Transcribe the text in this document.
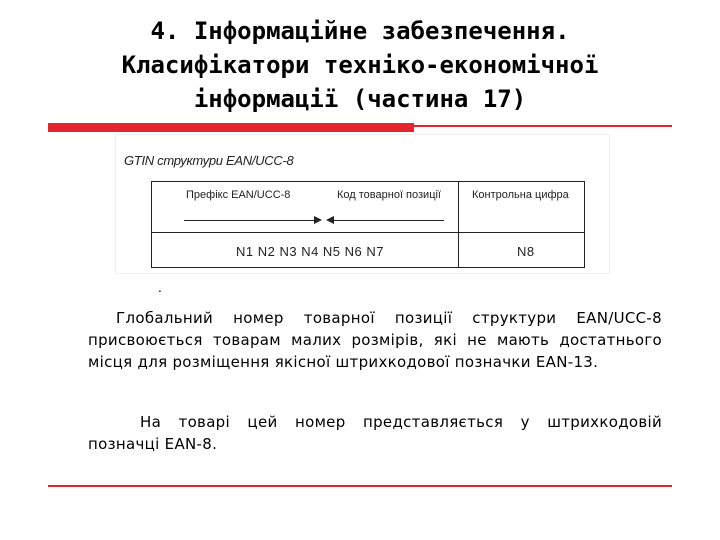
4. Інформаційне забезпечення.
Класифікатори техніко-економічної
інформації (частина 17)
GTIN структури EAN/UCC-8
Префікс EAN/UCC-8	Код товарної позиції	Контрольна цифра
N1 N2 N3 N4 N5 N6 N7	N8
.

Глобальний номер товарної позиції структури EAN/UCC-8 присвоюється товарам малих розмірів, які не мають достатнього місця для розміщення якісної штрихкодової позначки EAN-13.

На товарі цей номер представляється у штрихкодовій позначці EAN-8.
